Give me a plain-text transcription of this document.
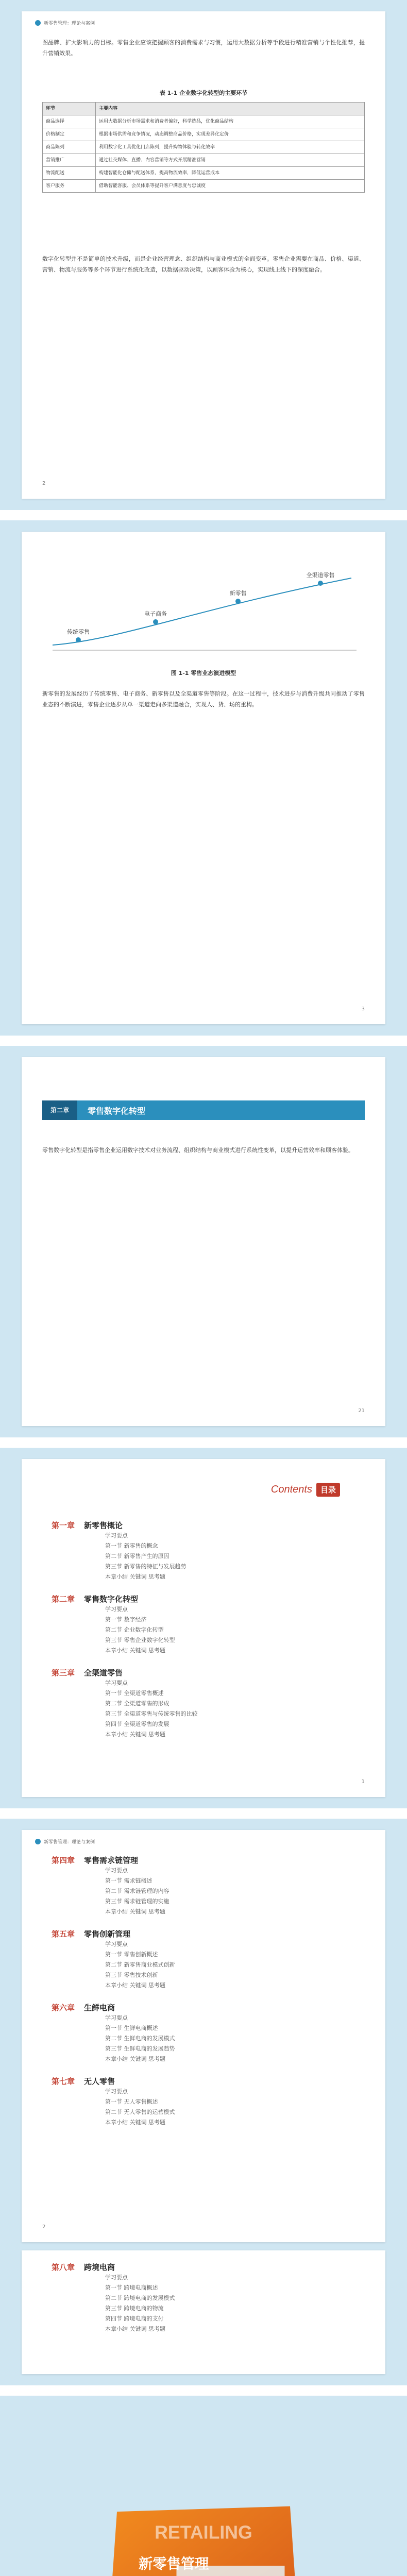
新零售管理：理论与案例
图品牌、扩大影响力的目标。零售企业应该把握顾客的消费需求与习惯，运用大数据分析等手段进行精准营销与个性化推荐，提升营销效果。
表 1-1 企业数字化转型的主要环节
环节	主要内容
商品选择	运用大数据分析市场需求和消费者偏好，科学选品，优化商品结构
价格制定	根据市场供需和竞争情况，动态调整商品价格，实现差异化定价
商品陈列	利用数字化工具优化门店陈列，提升购物体验与转化效率
营销推广	通过社交媒体、直播、内容营销等方式开展精准营销
物流配送	构建智能化仓储与配送体系，提高物流效率，降低运营成本
客户服务	借助智能客服、会员体系等提升客户满意度与忠诚度
数字化转型并不是简单的技术升级，而是企业经营理念、组织结构与商业模式的全面变革。零售企业需要在商品、价格、渠道、营销、物流与服务等多个环节进行系统化改造，以数据驱动决策，以顾客体验为核心，实现线上线下的深度融合。
2
传统零售
电子商务
新零售
全渠道零售
图 1-1 零售业态演进模型
新零售的发展经历了传统零售、电子商务、新零售以及全渠道零售等阶段。在这一过程中，技术进步与消费升级共同推动了零售业态的不断演进，零售企业逐步从单一渠道走向多渠道融合，实现人、货、场的重构。
3
第二章	零售数字化转型
零售数字化转型是指零售企业运用数字技术对业务流程、组织结构与商业模式进行系统性变革，以提升运营效率和顾客体验。
21
Contents	目录
第一章 新零售概论
学习要点
第一节 新零售的概念
第二节 新零售产生的原因
第三节 新零售的特征与发展趋势
本章小结 关键词 思考题
第二章 零售数字化转型
学习要点
第一节 数字经济
第二节 企业数字化转型
第三节 零售企业数字化转型
本章小结 关键词 思考题
第三章 全渠道零售
学习要点
第一节 全渠道零售概述
第二节 全渠道零售的形成
第三节 全渠道零售与传统零售的比较
第四节 全渠道零售的发展
本章小结 关键词 思考题
1
新零售管理：理论与案例
第四章 零售需求链管理
学习要点
第一节 需求链概述
第二节 需求链管理的内容
第三节 需求链管理的实施
本章小结 关键词 思考题
第五章 零售创新管理
学习要点
第一节 零售创新概述
第二节 新零售商业模式创新
第三节 零售技术创新
本章小结 关键词 思考题
第六章 生鲜电商
学习要点
第一节 生鲜电商概述
第二节 生鲜电商的发展模式
第三节 生鲜电商的发展趋势
本章小结 关键词 思考题
第七章 无人零售
学习要点
第一节 无人零售概述
第二节 无人零售的运营模式
本章小结 关键词 思考题
2
第八章 跨境电商
学习要点
第一节 跨境电商概述
第二节 跨境电商的发展模式
第三节 跨境电商的物流
第四节 跨境电商的支付
本章小结 关键词 思考题
RETAILING
新零售管理
